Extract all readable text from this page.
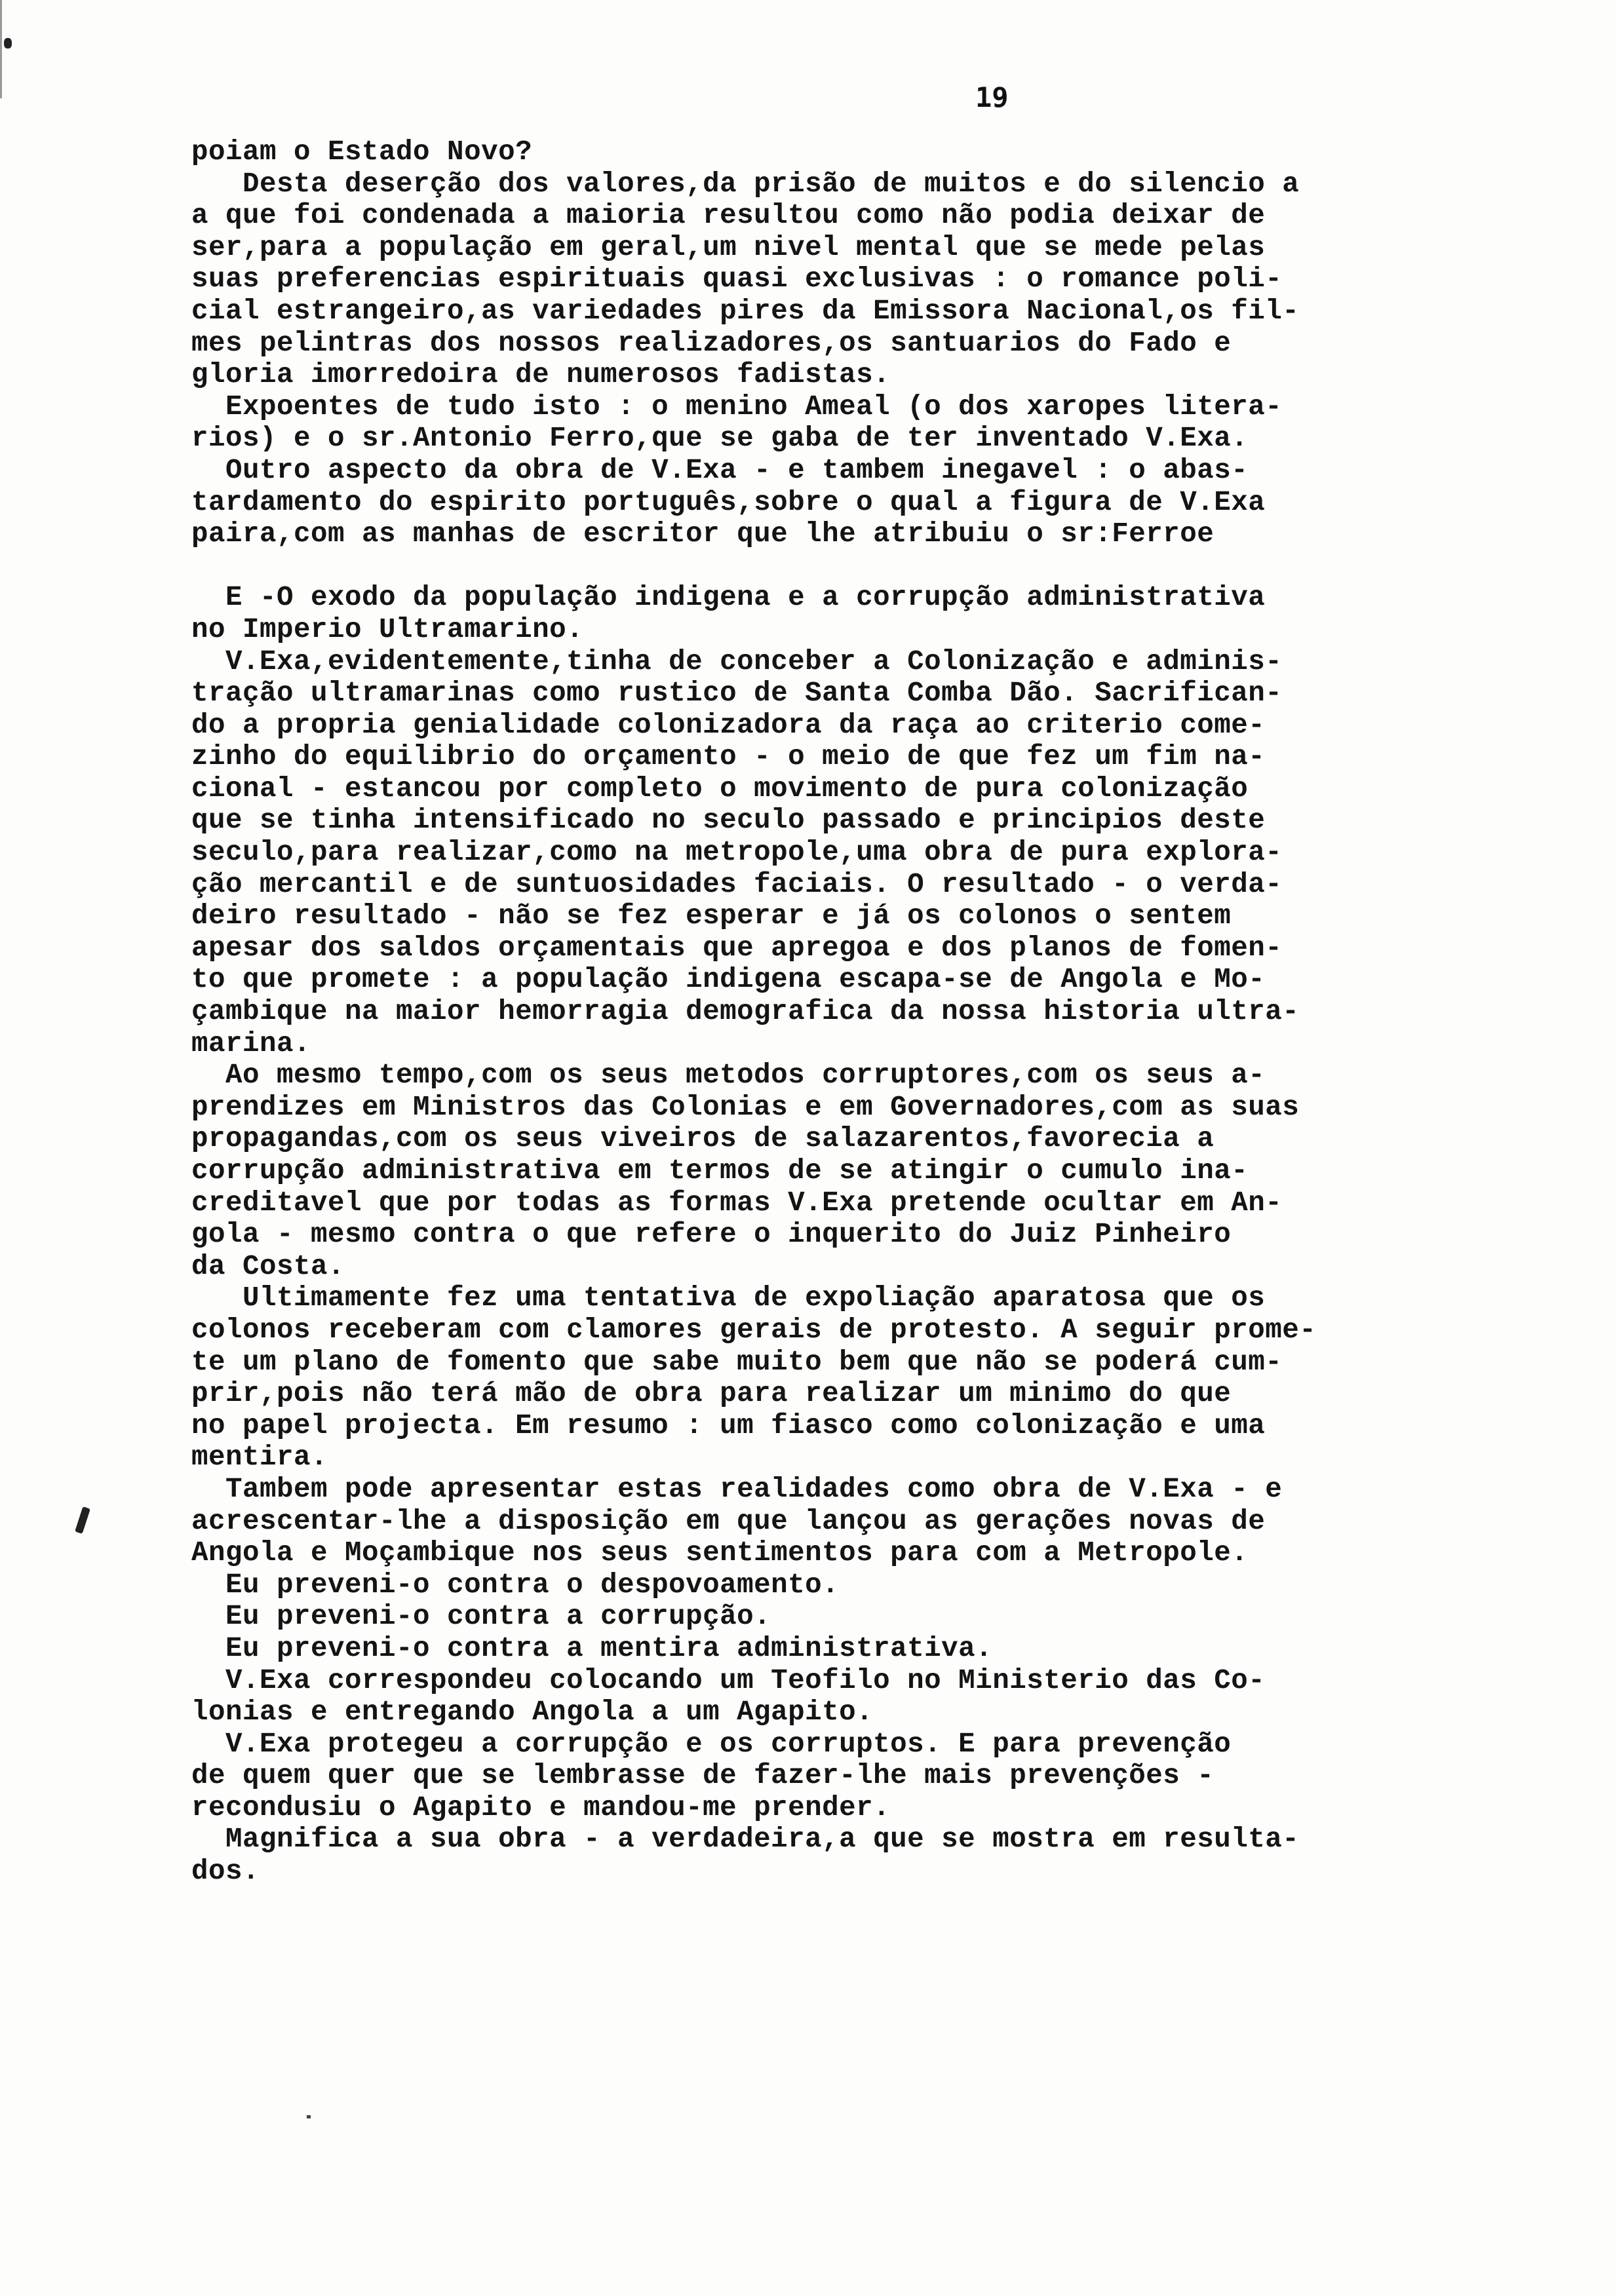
19
poiam o Estado Novo?
Desta deserção dos valores,da prisão de muitos e do silencio a
a que foi condenada a maioria resultou como não podia deixar de
ser,para a população em geral,um nivel mental que se mede pelas
suas preferencias espirituais quasi exclusivas : o romance poli-
cial estrangeiro,as variedades pires da Emissora Nacional,os fil-
mes pelintras dos nossos realizadores,os santuarios do Fado e
gloria imorredoira de numerosos fadistas.
Expoentes de tudo isto : o menino Ameal (o dos xaropes litera-
rios) e o sr.Antonio Ferro,que se gaba de ter inventado V.Exa.
Outro aspecto da obra de V.Exa - e tambem inegavel : o abas-
tardamento do espirito português,sobre o qual a figura de V.Exa
paira,com as manhas de escritor que lhe atribuiu o sr:Ferroe
E -O exodo da população indigena e a corrupção administrativa
no Imperio Ultramarino.
V.Exa,evidentemente,tinha de conceber a Colonização e adminis-
tração ultramarinas como rustico de Santa Comba Dão. Sacrifican-
do a propria genialidade colonizadora da raça ao criterio come-
zinho do equilibrio do orçamento - o meio de que fez um fim na-
cional - estancou por completo o movimento de pura colonização
que se tinha intensificado no seculo passado e principios deste
seculo,para realizar,como na metropole,uma obra de pura explora-
ção mercantil e de suntuosidades faciais. O resultado - o verda-
deiro resultado - não se fez esperar e já os colonos o sentem
apesar dos saldos orçamentais que apregoa e dos planos de fomen-
to que promete : a população indigena escapa-se de Angola e Mo-
çambique na maior hemorragia demografica da nossa historia ultra-
marina.
Ao mesmo tempo,com os seus metodos corruptores,com os seus a-
prendizes em Ministros das Colonias e em Governadores,com as suas
propagandas,com os seus viveiros de salazarentos,favorecia a
corrupção administrativa em termos de se atingir o cumulo ina-
creditavel que por todas as formas V.Exa pretende ocultar em An-
gola - mesmo contra o que refere o inquerito do Juiz Pinheiro
da Costa.
Ultimamente fez uma tentativa de expoliação aparatosa que os
colonos receberam com clamores gerais de protesto. A seguir prome-
te um plano de fomento que sabe muito bem que não se poderá cum-
prir,pois não terá mão de obra para realizar um minimo do que
no papel projecta. Em resumo : um fiasco como colonização e uma
mentira.
Tambem pode apresentar estas realidades como obra de V.Exa - e
acrescentar-lhe a disposição em que lançou as gerações novas de
Angola e Moçambique nos seus sentimentos para com a Metropole.
Eu preveni-o contra o despovoamento.
Eu preveni-o contra a corrupção.
Eu preveni-o contra a mentira administrativa.
V.Exa correspondeu colocando um Teofilo no Ministerio das Co-
lonias e entregando Angola a um Agapito.
V.Exa protegeu a corrupção e os corruptos. E para prevenção
de quem quer que se lembrasse de fazer-lhe mais prevenções -
recondusiu o Agapito e mandou-me prender.
Magnifica a sua obra - a verdadeira,a que se mostra em resulta-
dos.
